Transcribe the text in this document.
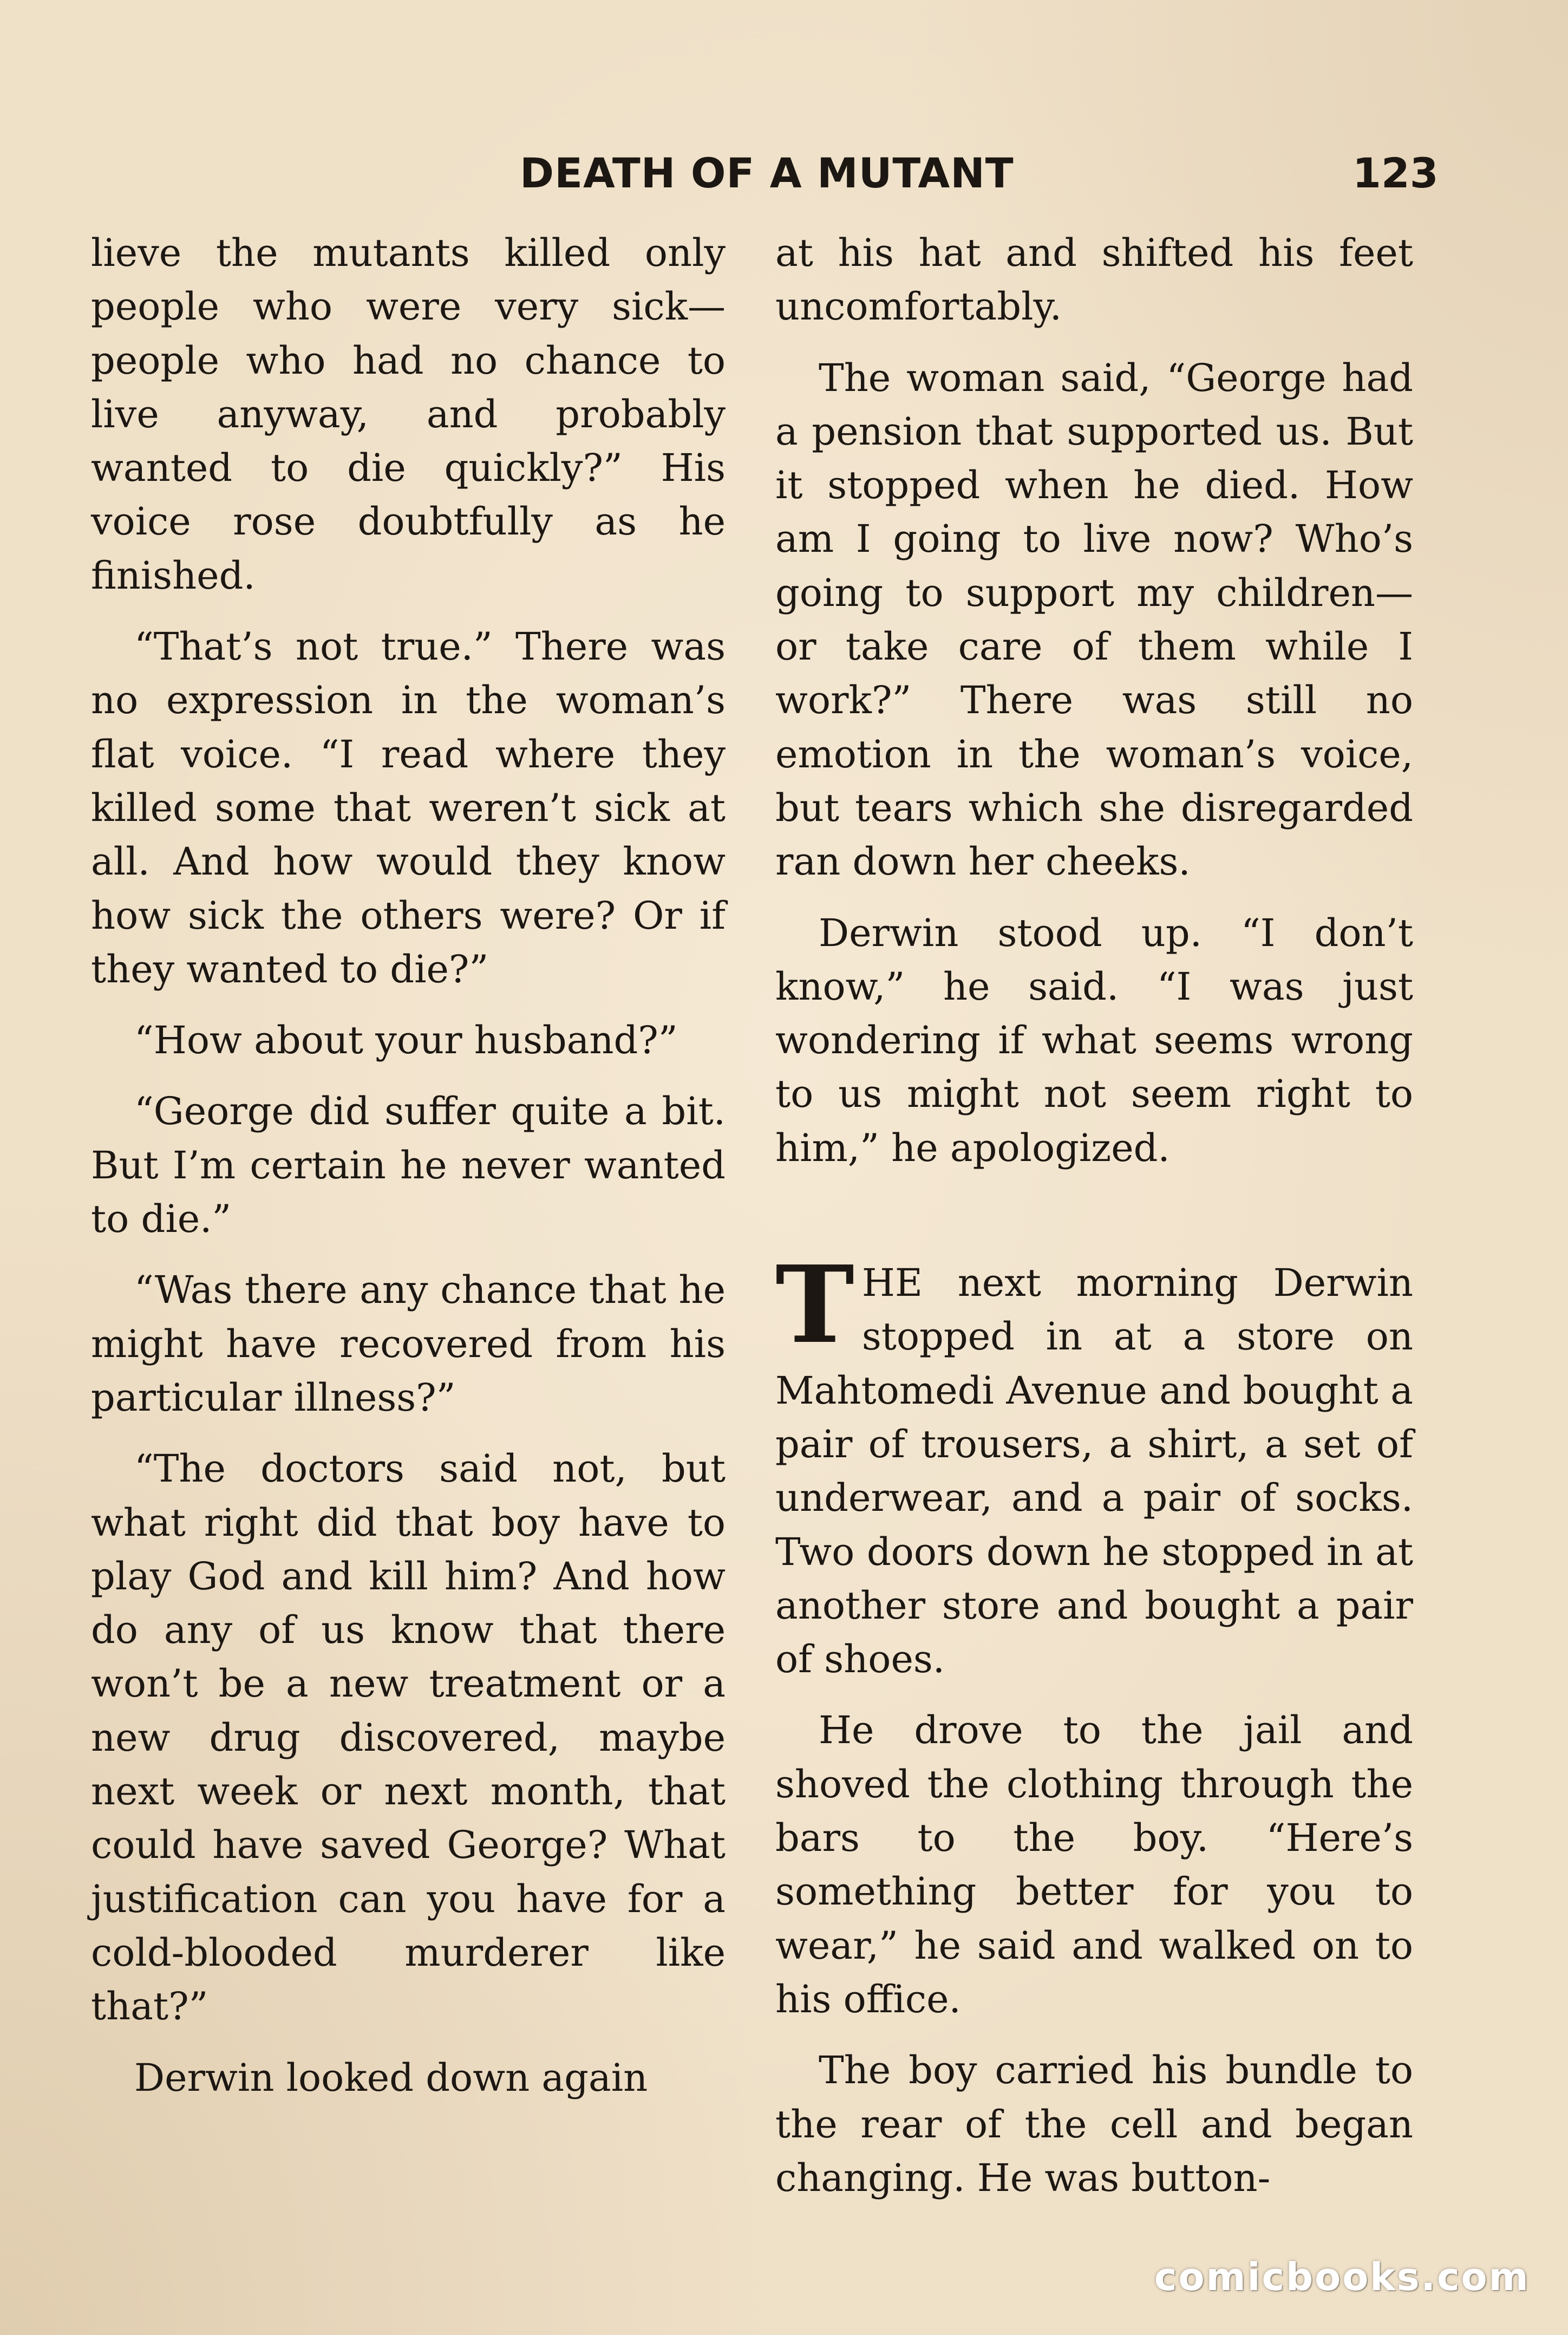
DEATH OF A MUTANT	123

lieve the mutants killed only people who were very sick—people who had no chance to live anyway, and probably wanted to die quickly?” His voice rose doubtfully as he finished.

“That’s not true.” There was no expression in the woman’s flat voice. “I read where they killed some that weren’t sick at all. And how would they know how sick the others were? Or if they wanted to die?”

“How about your husband?”

“George did suffer quite a bit. But I’m certain he never wanted to die.”

“Was there any chance that he might have recovered from his particular illness?”

“The doctors said not, but what right did that boy have to play God and kill him? And how do any of us know that there won’t be a new treatment or a new drug discovered, maybe next week or next month, that could have saved George? What justification can you have for a cold-blooded murderer like that?”

Derwin looked down again

at his hat and shifted his feet uncomfortably.

The woman said, “George had a pension that supported us. But it stopped when he died. How am I going to live now? Who’s going to support my children—or take care of them while I work?” There was still no emotion in the woman’s voice, but tears which she disregarded ran down her cheeks.

Derwin stood up. “I don’t know,” he said. “I was just wondering if what seems wrong to us might not seem right to him,” he apologized.

THE next morning Derwin stopped in at a store on Mahtomedi Avenue and bought a pair of trousers, a shirt, a set of underwear, and a pair of socks. Two doors down he stopped in at another store and bought a pair of shoes.

He drove to the jail and shoved the clothing through the bars to the boy. “Here’s something better for you to wear,” he said and walked on to his office.

The boy carried his bundle to the rear of the cell and began changing. He was button-

comicbooks.com
